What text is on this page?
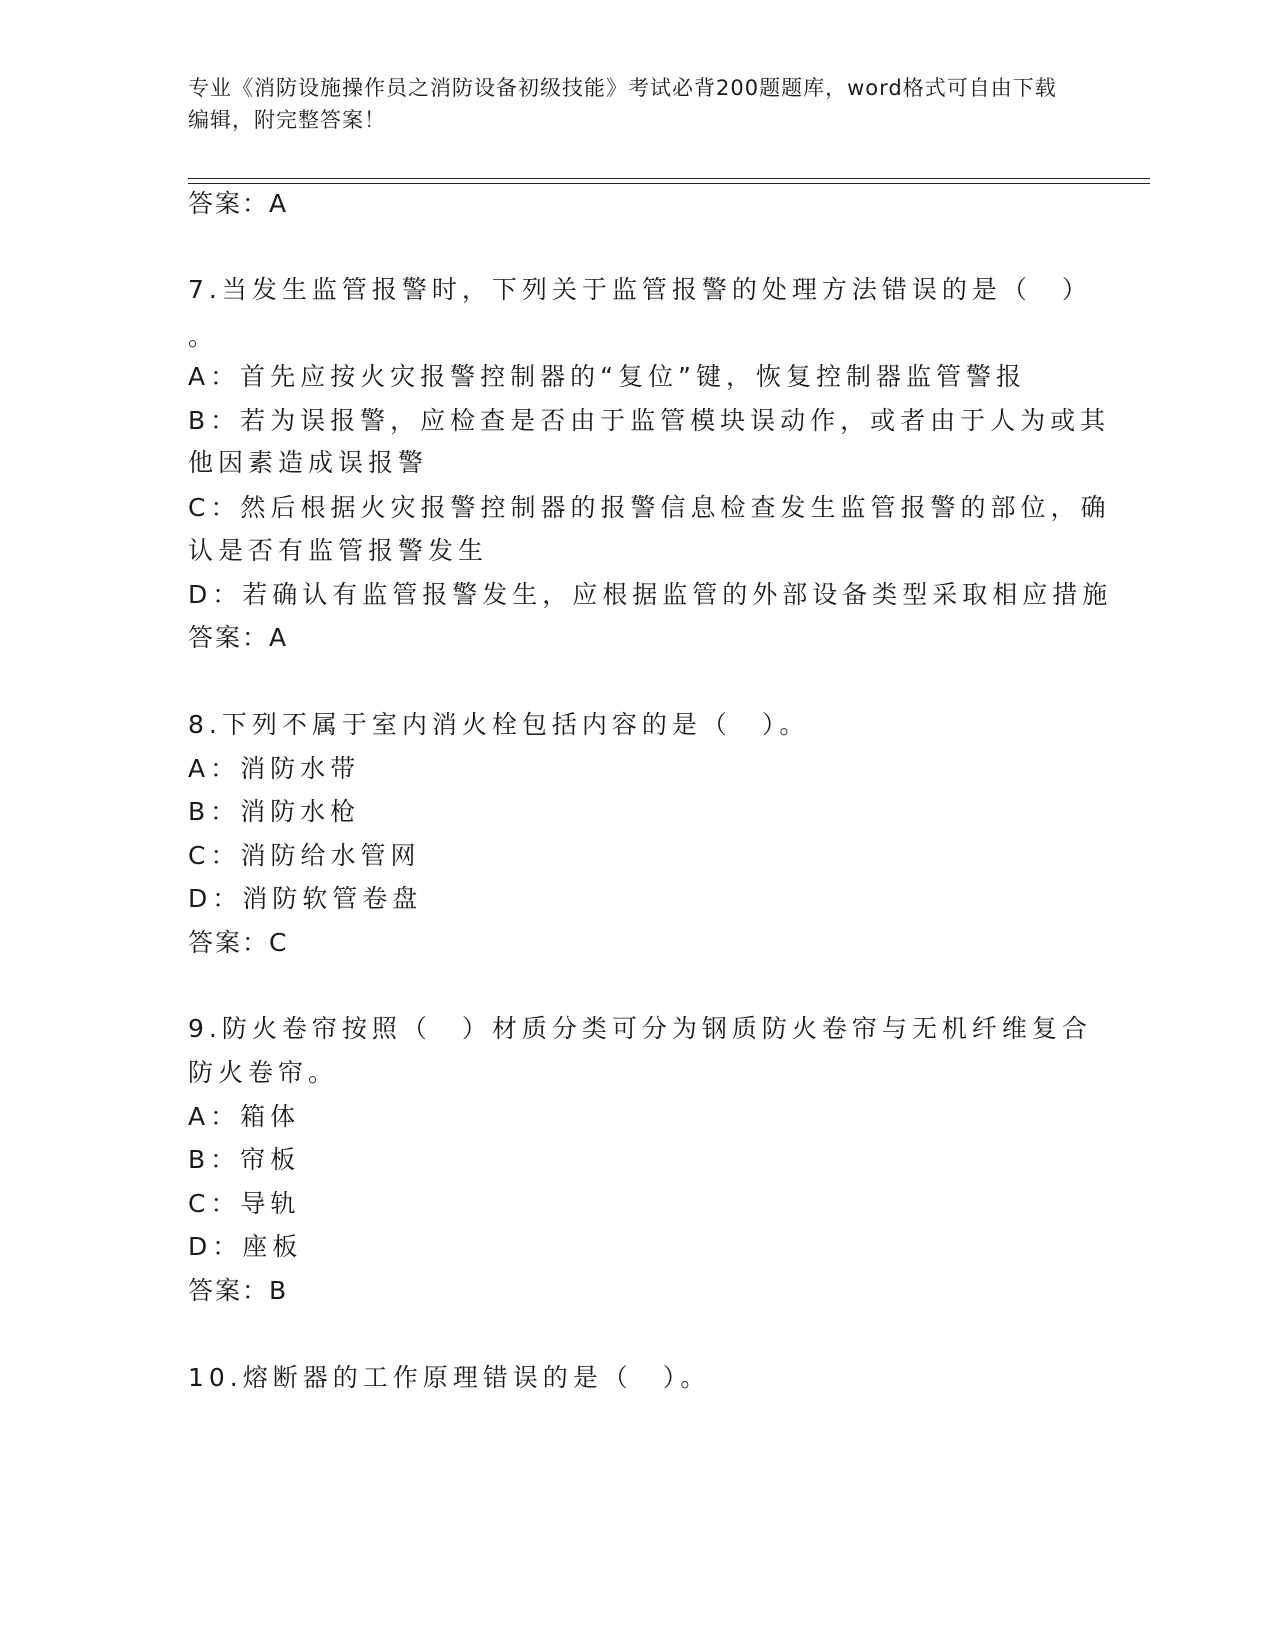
专业《消防设施操作员之消防设备初级技能》考试必背200题题库，word格式可自由下载编辑，附完整答案！
答案：A
7.当发生监管报警时，下列关于监管报警的处理方法错误的是（　）
。
A：首先应按火灾报警控制器的“复位”键，恢复控制器监管警报
B：若为误报警，应检查是否由于监管模块误动作，或者由于人为或其
他因素造成误报警
C：然后根据火灾报警控制器的报警信息检查发生监管报警的部位，确
认是否有监管报警发生
D：若确认有监管报警发生，应根据监管的外部设备类型采取相应措施
答案：A
8.下列不属于室内消火栓包括内容的是（　）。
A：消防水带
B：消防水枪
C：消防给水管网
D：消防软管卷盘
答案：C
9.防火卷帘按照（　）材质分类可分为钢质防火卷帘与无机纤维复合
防火卷帘。
A：箱体
B：帘板
C：导轨
D：座板
答案：B
10.熔断器的工作原理错误的是（　）。
